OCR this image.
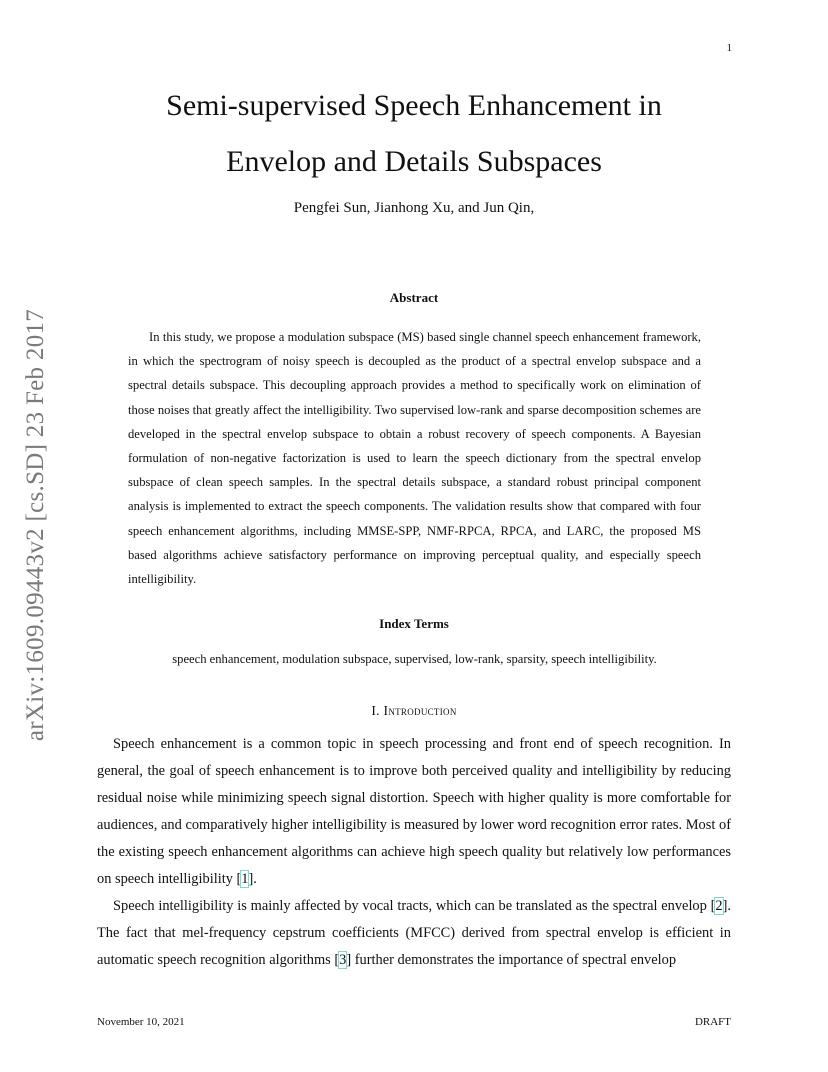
1
arXiv:1609.09443v2 [cs.SD] 23 Feb 2017
Semi-supervised Speech Enhancement in
Envelop and Details Subspaces
Pengfei Sun, Jianhong Xu, and Jun Qin,
Abstract

In this study, we propose a modulation subspace (MS) based single channel speech enhancement framework, in which the spectrogram of noisy speech is decoupled as the product of a spectral envelop subspace and a spectral details subspace. This decoupling approach provides a method to specifically work on elimination of those noises that greatly affect the intelligibility. Two supervised low-rank and sparse decomposition schemes are developed in the spectral envelop subspace to obtain a robust recovery of speech components. A Bayesian formulation of non-negative factorization is used to learn the speech dictionary from the spectral envelop subspace of clean speech samples. In the spectral details subspace, a standard robust principal component analysis is implemented to extract the speech components. The validation results show that compared with four speech enhancement algorithms, including MMSE-SPP, NMF-RPCA, RPCA, and LARC, the proposed MS based algorithms achieve satisfactory performance on improving perceptual quality, and especially speech intelligibility.

Index Terms
speech enhancement, modulation subspace, supervised, low-rank, sparsity, speech intelligibility.
I. Introduction

Speech enhancement is a common topic in speech processing and front end of speech recognition. In general, the goal of speech enhancement is to improve both perceived quality and intelligibility by reducing residual noise while minimizing speech signal distortion. Speech with higher quality is more comfortable for audiences, and comparatively higher intelligibility is measured by lower word recognition error rates. Most of the existing speech enhancement algorithms can achieve high speech quality but relatively low performances on speech intelligibility [1].

Speech intelligibility is mainly affected by vocal tracts, which can be translated as the spectral envelop [2]. The fact that mel-frequency cepstrum coefficients (MFCC) derived from spectral envelop is efficient in automatic speech recognition algorithms [3] further demonstrates the importance of spectral envelop

November 10, 2021	DRAFT
